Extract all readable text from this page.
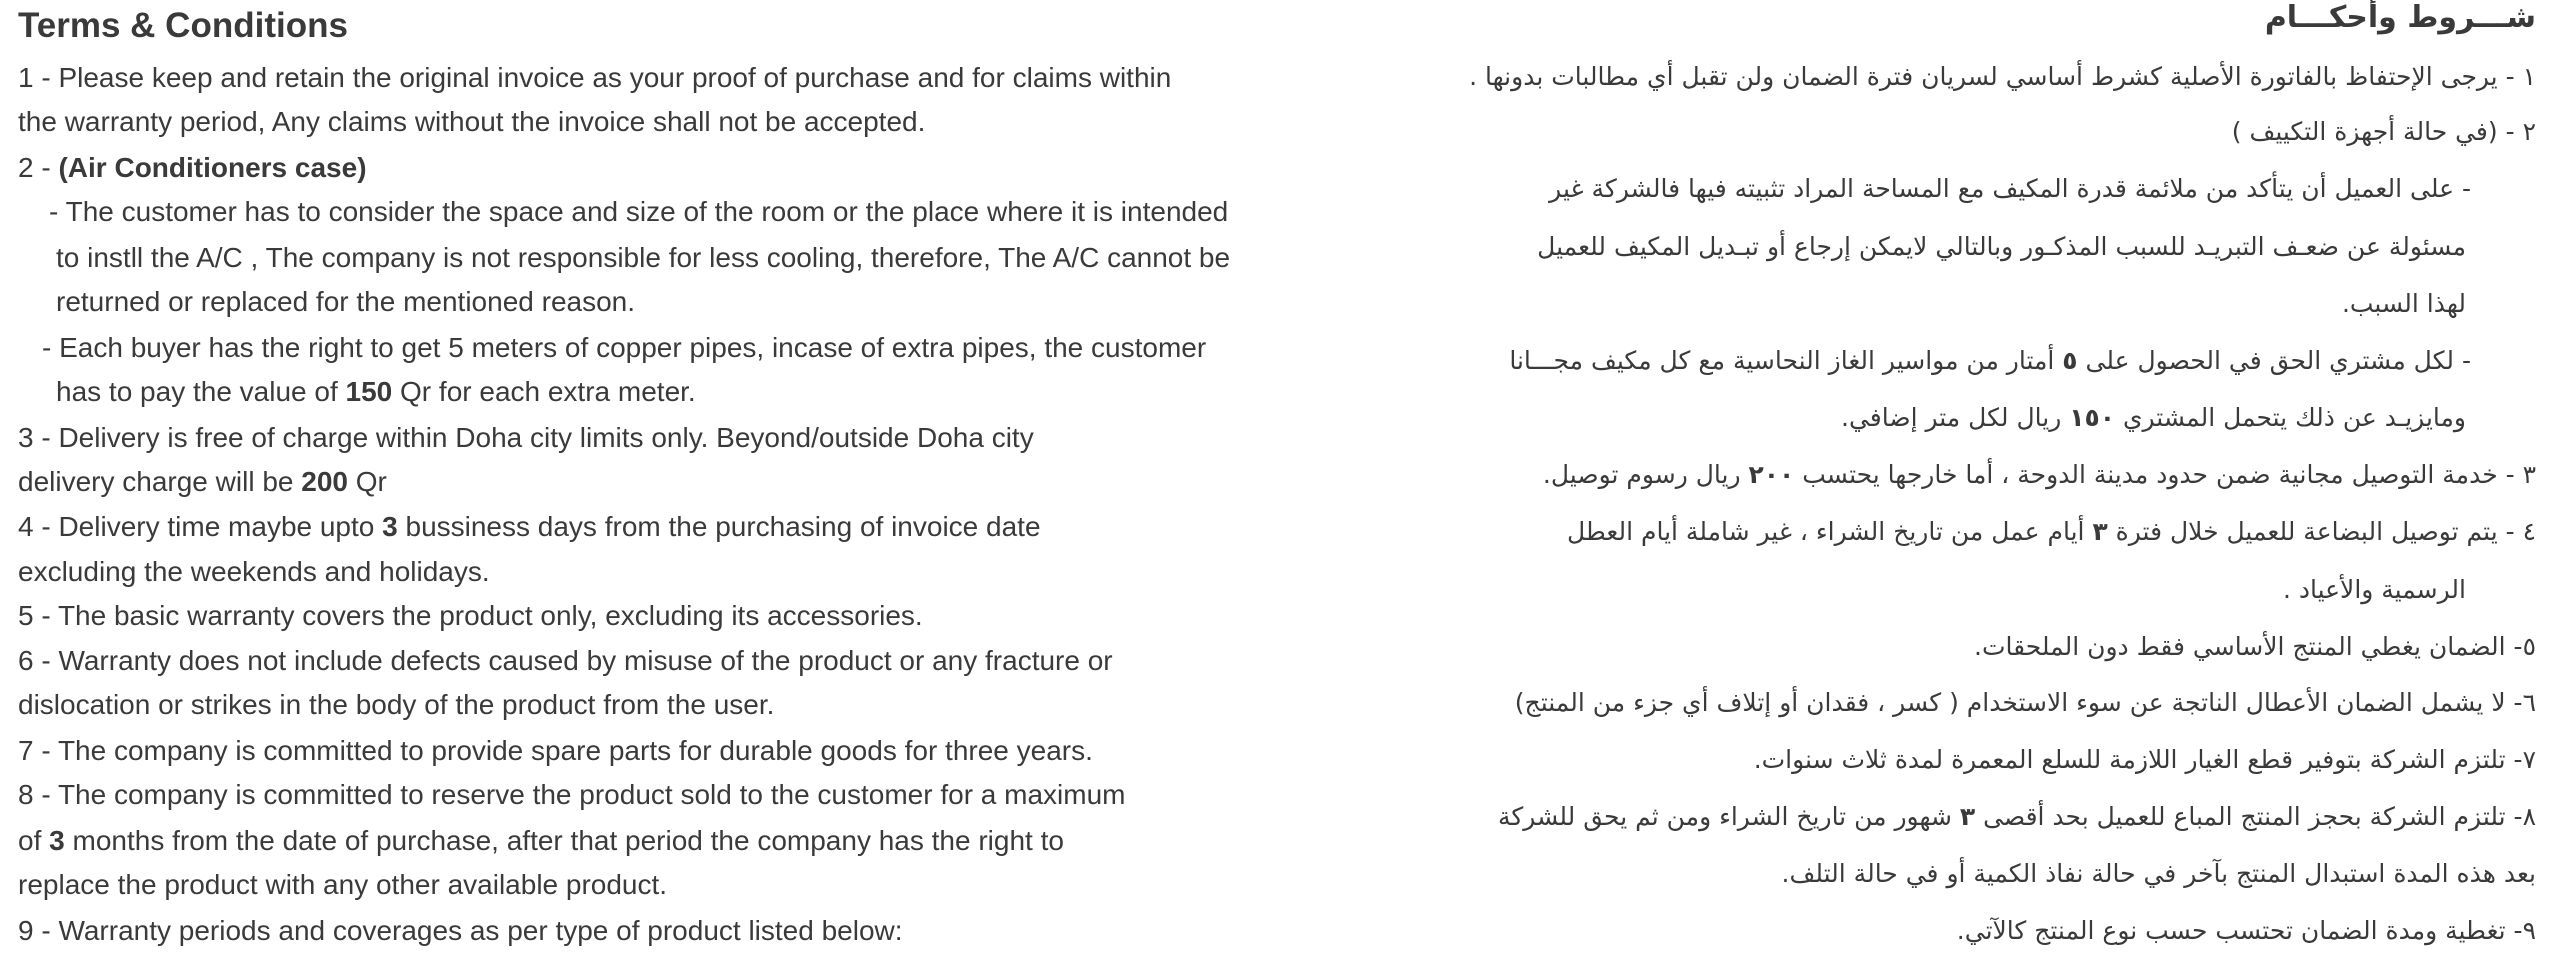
Terms & Conditions
1 - Please keep and retain the original invoice as your proof of purchase and for claims within
the warranty period, Any claims without the invoice shall not be accepted.
2 - (Air Conditioners case)
- The customer has to consider the space and size of the room or the place where it is intended
to instll the A/C , The company is not responsible for less cooling, therefore, The A/C cannot be
returned or replaced for the mentioned reason.
- Each buyer has the right to get 5 meters of copper pipes, incase of extra pipes, the customer
has to pay the value of 150 Qr for each extra meter.
3 - Delivery is free of charge within Doha city limits only. Beyond/outside Doha city
delivery charge will be 200 Qr
4 - Delivery time maybe upto 3 bussiness days from the purchasing of invoice date
excluding the weekends and holidays.
5 - The basic warranty covers the product only, excluding its accessories.
6 - Warranty does not include defects caused by misuse of the product or any fracture or
dislocation or strikes in the body of the product from the user.
7 - The company is committed to provide spare parts for durable goods for three years.
8 - The company is committed to reserve the product sold to the customer for a maximum
of 3 months from the date of purchase, after that period the company has the right to
replace the product with any other available product.
9 - Warranty periods and coverages as per type of product listed below:
شـــروط وأحكـــام
١ - يرجى الإحتفاظ بالفاتورة الأصلية كشرط أساسي لسريان فترة الضمان ولن تقبل أي مطالبات بدونها .
٢ - (في حالة أجهزة التكييف )
- على العميل أن يتأكد من ملائمة قدرة المكيف مع المساحة المراد تثبيته فيها فالشركة غير
مسئولة عن ضعـف التبريـد للسبب المذكـور وبالتالي لايمكن إرجاع أو تبـديل المكيف للعميل
لهذا السبب.
- لكل مشتري الحق في الحصول على ٥ أمتار من مواسير الغاز النحاسية مع كل مكيف مجـــانا
ومايزيـد عن ذلك يتحمل المشتري ١٥٠ ريال لكل متر إضافي.
٣ - خدمة التوصيل مجانية ضمن حدود مدينة الدوحة ، أما خارجها يحتسب ٢٠٠ ريال رسوم توصيل.
٤ - يتم توصيل البضاعة للعميل خلال فترة ٣ أيام عمل من تاريخ الشراء ، غير شاملة أيام العطل
الرسمية والأعياد .
٥- الضمان يغطي المنتج الأساسي فقط دون الملحقات.
٦- لا يشمل الضمان الأعطال الناتجة عن سوء الاستخدام ( كسر ، فقدان أو إتلاف أي جزء من المنتج)
٧- تلتزم الشركة بتوفير قطع الغيار اللازمة للسلع المعمرة لمدة ثلاث سنوات.
٨- تلتزم الشركة بحجز المنتج المباع للعميل بحد أقصى ٣ شهور من تاريخ الشراء ومن ثم يحق للشركة
بعد هذه المدة استبدال المنتج بآخر في حالة نفاذ الكمية أو في حالة التلف.
٩- تغطية ومدة الضمان تحتسب حسب نوع المنتج كالآتي.
